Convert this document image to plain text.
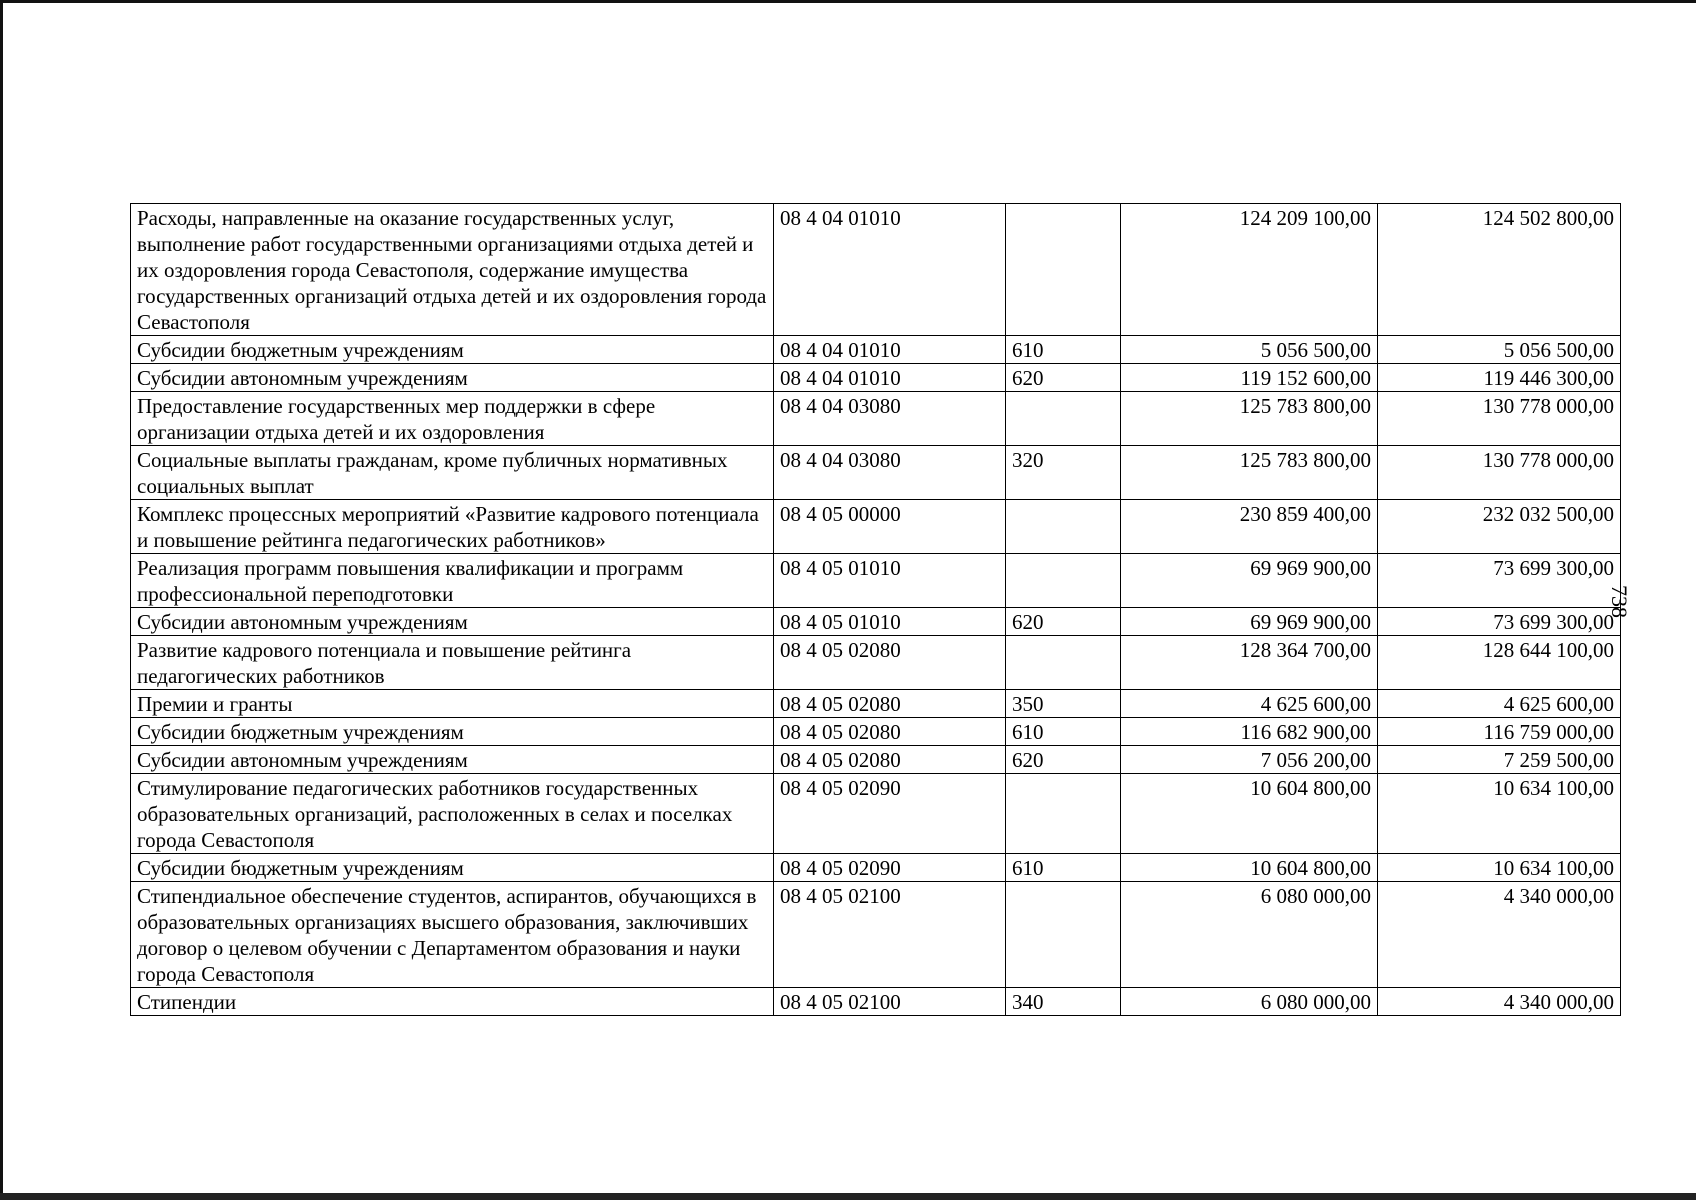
Расходы, направленные на оказание государственных услуг, выполнение работ государственными организациями отдыха детей и их оздоровления города Севастополя, содержание имущества государственных организаций отдыха детей и их оздоровления города Севастополя	08 4 04 01010		124 209 100,00	124 502 800,00
Субсидии бюджетным учреждениям	08 4 04 01010	610	5 056 500,00	5 056 500,00
Субсидии автономным учреждениям	08 4 04 01010	620	119 152 600,00	119 446 300,00
Предоставление государственных мер поддержки в сфере организации отдыха детей и их оздоровления	08 4 04 03080		125 783 800,00	130 778 000,00
Социальные выплаты гражданам, кроме публичных нормативных социальных выплат	08 4 04 03080	320	125 783 800,00	130 778 000,00
Комплекс процессных мероприятий «Развитие кадрового потенциала и повышение рейтинга педагогических работников»	08 4 05 00000		230 859 400,00	232 032 500,00
Реализация программ повышения квалификации и программ профессиональной переподготовки	08 4 05 01010		69 969 900,00	73 699 300,00
Субсидии автономным учреждениям	08 4 05 01010	620	69 969 900,00	73 699 300,00
Развитие кадрового потенциала и повышение рейтинга педагогических работников	08 4 05 02080		128 364 700,00	128 644 100,00
Премии и гранты	08 4 05 02080	350	4 625 600,00	4 625 600,00
Субсидии бюджетным учреждениям	08 4 05 02080	610	116 682 900,00	116 759 000,00
Субсидии автономным учреждениям	08 4 05 02080	620	7 056 200,00	7 259 500,00
Стимулирование педагогических работников государственных образовательных организаций, расположенных в селах и поселках города Севастополя	08 4 05 02090		10 604 800,00	10 634 100,00
Субсидии бюджетным учреждениям	08 4 05 02090	610	10 604 800,00	10 634 100,00
Стипендиальное обеспечение студентов, аспирантов, обучающихся в образовательных организациях высшего образования, заключивших договор о целевом обучении с Департаментом образования и науки города Севастополя	08 4 05 02100		6 080 000,00	4 340 000,00
Стипендии	08 4 05 02100	340	6 080 000,00	4 340 000,00
738
